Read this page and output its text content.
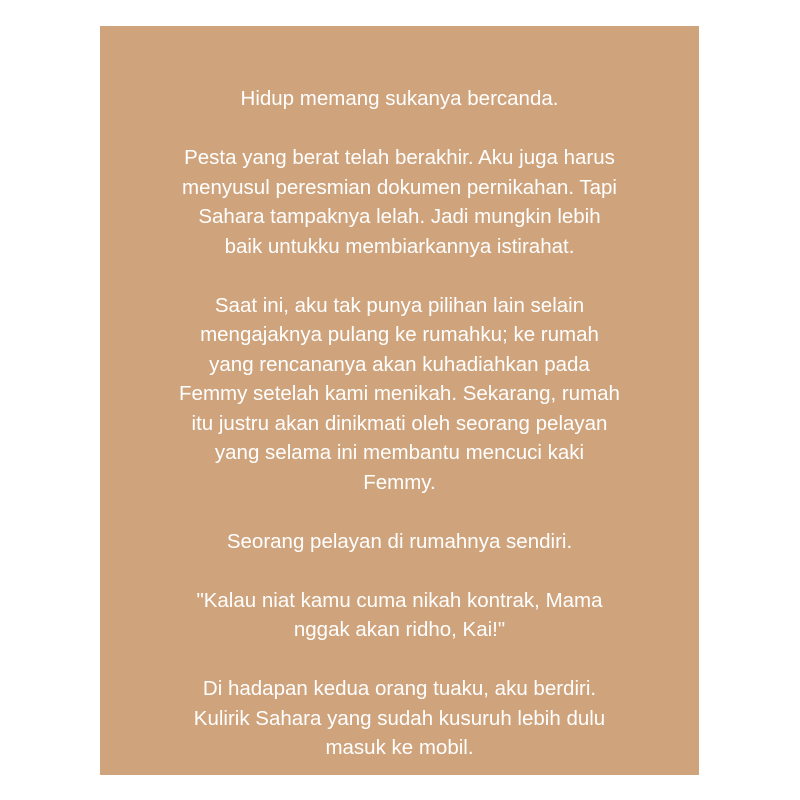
Hidup memang sukanya bercanda.

Pesta yang berat telah berakhir. Aku juga harus
menyusul peresmian dokumen pernikahan. Tapi
Sahara tampaknya lelah. Jadi mungkin lebih
baik untukku membiarkannya istirahat.

Saat ini, aku tak punya pilihan lain selain
mengajaknya pulang ke rumahku; ke rumah
yang rencananya akan kuhadiahkan pada
Femmy setelah kami menikah. Sekarang, rumah
itu justru akan dinikmati oleh seorang pelayan
yang selama ini membantu mencuci kaki
Femmy.

Seorang pelayan di rumahnya sendiri.

"Kalau niat kamu cuma nikah kontrak, Mama
nggak akan ridho, Kai!"

Di hadapan kedua orang tuaku, aku berdiri.
Kulirik Sahara yang sudah kusuruh lebih dulu
masuk ke mobil.
